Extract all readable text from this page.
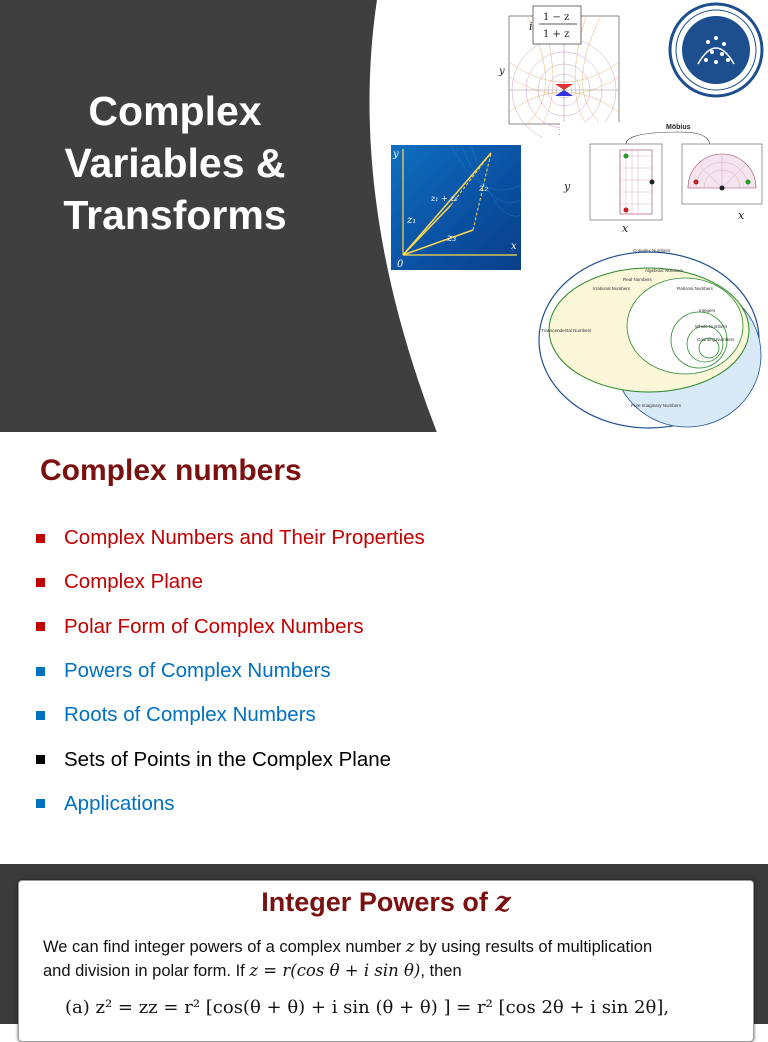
Complex
Variables &
Transforms
i
1 − z
1 + z
y
x
y
x
0
z₁
z₂
z₁ + z₂
z₃
Möbius
y
x
x
Complex Numbers
Algebraic Numbers
Real Numbers
Irrational Numbers	Rational Numbers
Integers
Whole Numbers
Counting Numbers
Transcendental Numbers
Pure Imaginary Numbers
Complex numbers
Complex Numbers and Their Properties
Complex Plane
Polar Form of Complex Numbers
Powers of Complex Numbers
Roots of Complex Numbers
Sets of Points in the Complex Plane
Applications
Integer Powers of z

We can find integer powers of a complex number z by using results of multiplication

and division in polar form. If z = r(cos θ + i sin θ), then

(a) z² = zz = r² [cos(θ + θ) + i sin (θ + θ) ] = r² [cos 2θ + i sin 2θ],
